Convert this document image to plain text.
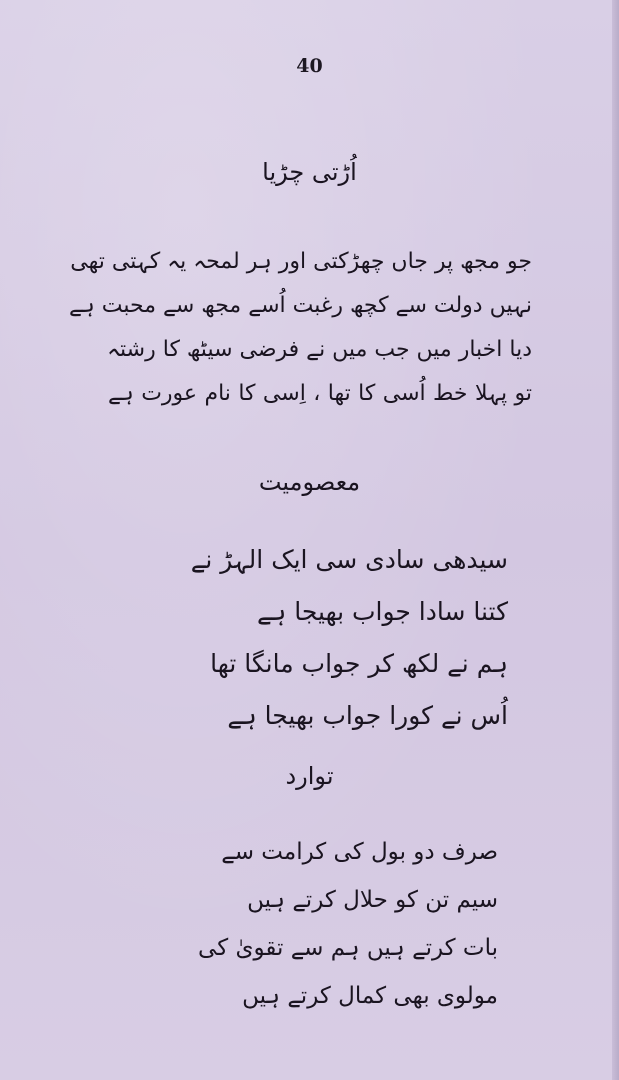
40
اُڑتی چڑیا
جو مجھ پر جاں چھڑکتی اور ہر لمحہ یہ کہتی تھی
نہیں دولت سے کچھ رغبت اُسے مجھ سے محبت ہے
دیا اخبار میں جب میں نے فرضی سیٹھ کا رشتہ
تو پہلا خط اُسی کا تھا ، اِسی کا نام عورت ہے
معصومیت
سیدھی سادی سی ایک الہڑ نے
کتنا سادا جواب بھیجا ہے
ہم نے لکھ کر جواب مانگا تھا
اُس نے کورا جواب بھیجا ہے
توارد
صرف دو بول کی کرامت سے
سیم تن کو حلال کرتے ہیں
بات کرتے ہیں ہم سے تقویٰ کی
مولوی بھی کمال کرتے ہیں
